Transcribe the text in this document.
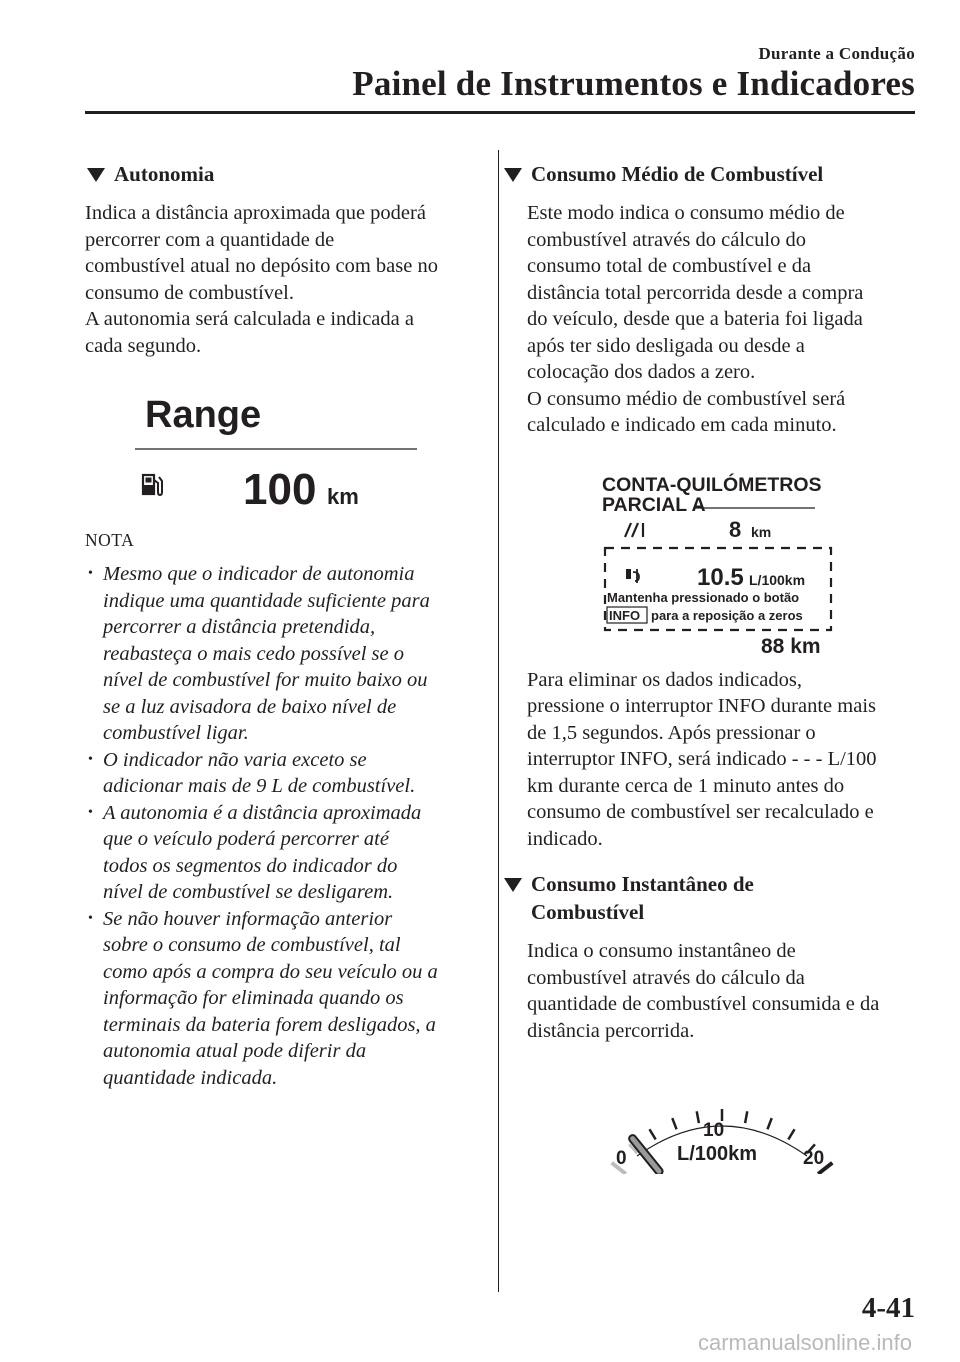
Durante a Condução
Painel de Instrumentos e Indicadores
Autonomia

Indica a distância aproximada que poderá
percorrer com a quantidade de
combustível atual no depósito com base no
consumo de combustível.
A autonomia será calculada e indicada a
cada segundo.

Range
100 km
NOTA
• Mesmo que o indicador de autonomia
indique uma quantidade suficiente para
percorrer a distância pretendida,
reabasteça o mais cedo possível se o
nível de combustível for muito baixo ou
se a luz avisadora de baixo nível de
combustível ligar.
• O indicador não varia exceto se
adicionar mais de 9 L de combustível.
• A autonomia é a distância aproximada
que o veículo poderá percorrer até
todos os segmentos do indicador do
nível de combustível se desligarem.
• Se não houver informação anterior
sobre o consumo de combustível, tal
como após a compra do seu veículo ou a
informação for eliminada quando os
terminais da bateria forem desligados, a
autonomia atual pode diferir da
quantidade indicada.
Consumo Médio de Combustível

Este modo indica o consumo médio de
combustível através do cálculo do
consumo total de combustível e da
distância total percorrida desde a compra
do veículo, desde que a bateria foi ligada
após ter sido desligada ou desde a
colocação dos dados a zero.
O consumo médio de combustível será
calculado e indicado em cada minuto.

CONTA-QUILÓMETROS
PARCIAL A
8 km
10.5 L/100km
Mantenha pressionado o botão
INFO para a reposição a zeros
88 km

Para eliminar os dados indicados,
pressione o interruptor INFO durante mais
de 1,5 segundos. Após pressionar o
interruptor INFO, será indicado - - - L/100
km durante cerca de 1 minuto antes do
consumo de combustível ser recalculado e
indicado.

Consumo Instantâneo de
Combustível

Indica o consumo instantâneo de
combustível através do cálculo da
quantidade de combustível consumida e da
distância percorrida.

0
10
20
L/100km
4-41
carmanualsonline.info
